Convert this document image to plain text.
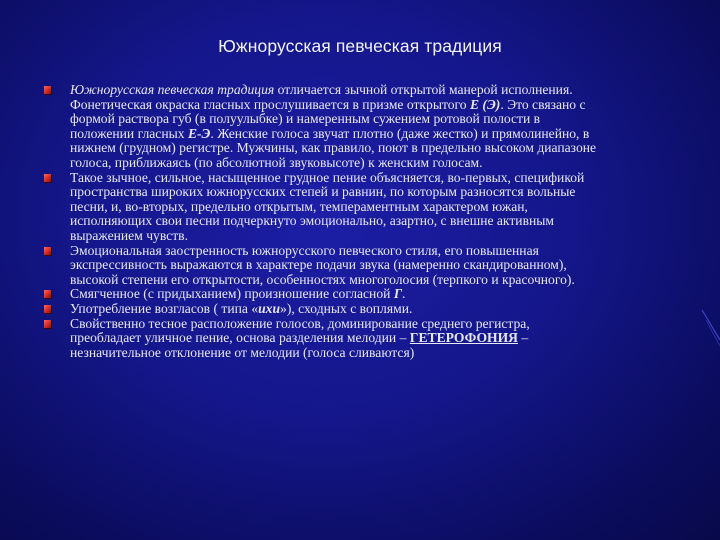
Южнорусская певческая традиция
Южнорусская певческая традиция отличается зычной открытой манерой исполнения. Фонетическая окраска гласных прослушивается в призме открытого Е (Э). Это связано с формой раствора губ (в полуулыбке) и намеренным сужением ротовой полости в положении гласных Е-Э. Женские голоса звучат плотно (даже жестко) и прямолинейно, в нижнем (грудном) регистре. Мужчины, как правило, поют в предельно высоком диапазоне голоса, приближаясь (по абсолютной звуковысоте) к женским голосам.
Такое зычное, сильное, насыщенное грудное пение объясняется, во-первых, спецификой пространства широких южнорусских степей и равнин, по которым разносятся вольные песни, и, во-вторых, предельно открытым, темпераментным характером южан, исполняющих свои песни подчеркнуто эмоционально, азартно, с внешне активным выражением чувств.
Эмоциональная заостренность южнорусского певческого стиля, его повышенная экспрессивность выражаются в характере подачи звука (намеренно скандированном), высокой степени его открытости, особенностях многоголосия (терпкого и красочного).
Смягченное (с придыханием) произношение согласной Г.
Употребление возгласов ( типа «ихи»), сходных с воплями.
Свойственно тесное расположение голосов, доминирование среднего регистра, преобладает уличное пение, основа разделения мелодии – ГЕТЕРОФОНИЯ – незначительное отклонение от мелодии (голоса сливаются)
